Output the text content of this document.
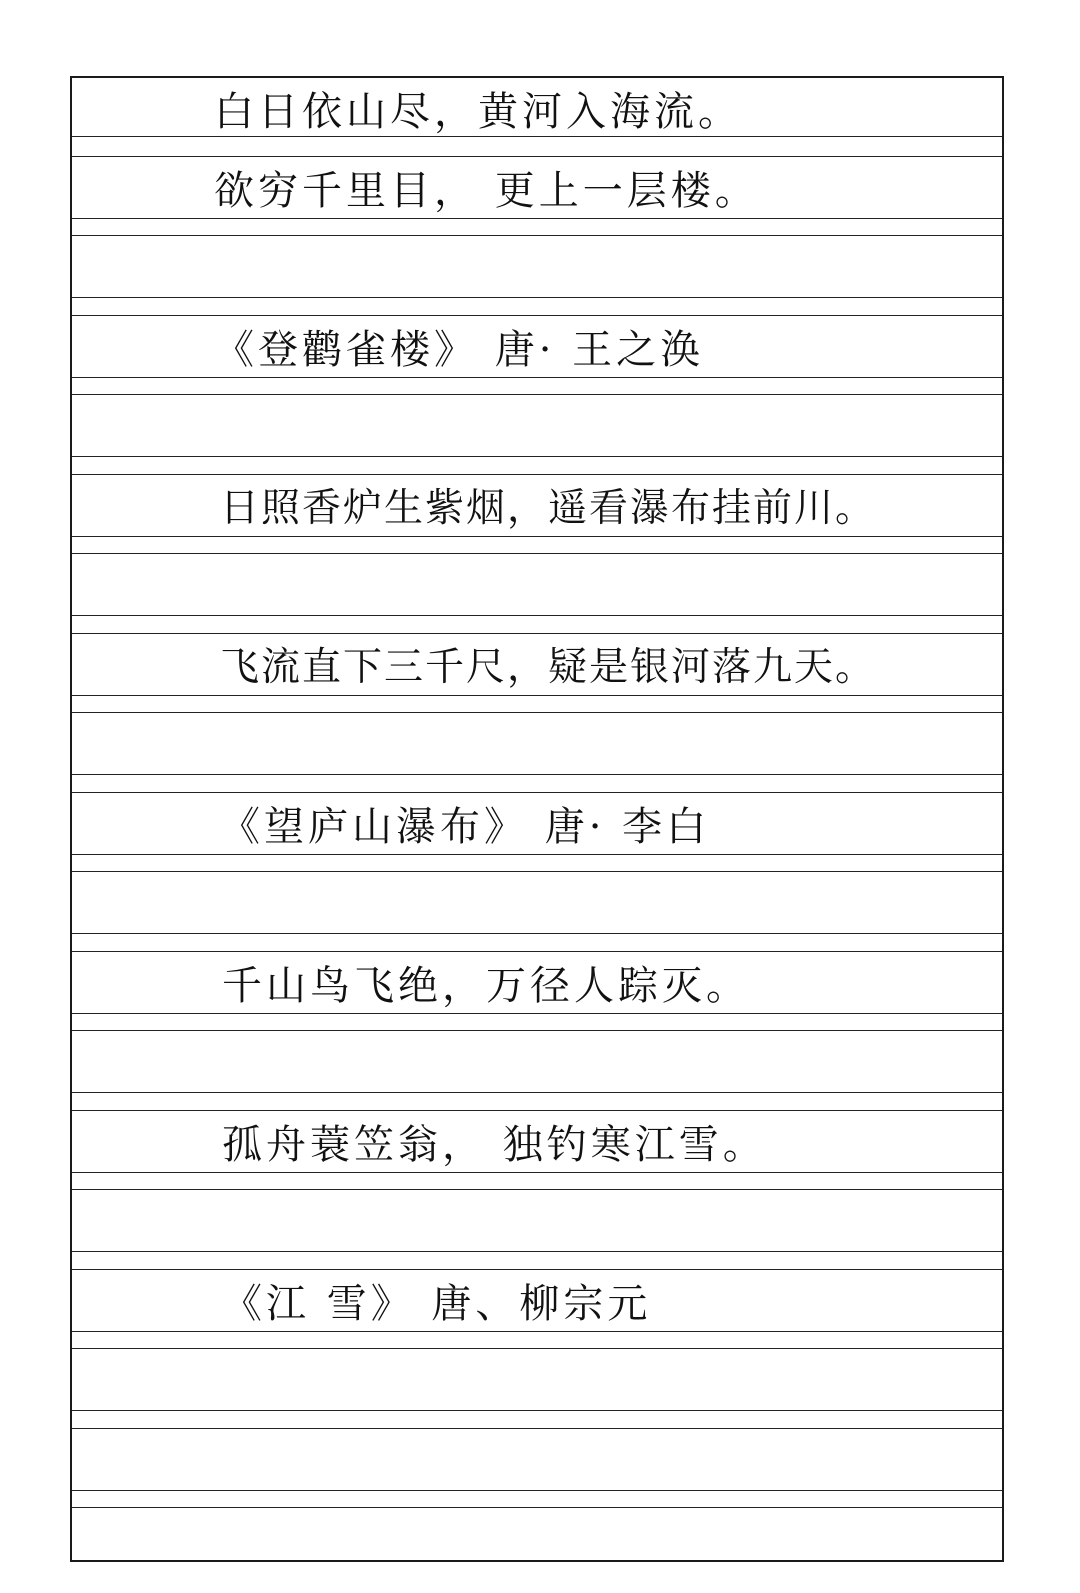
白日依山尽，黄河入海流。
欲穷千里目， 更上一层楼。
《登鹳雀楼》 唐· 王之涣
日照香炉生紫烟，遥看瀑布挂前川。
飞流直下三千尺，疑是银河落九天。
《望庐山瀑布》 唐· 李白
千山鸟飞绝，万径人踪灭。
孤舟蓑笠翁， 独钓寒江雪。
《江 雪》 唐、柳宗元
